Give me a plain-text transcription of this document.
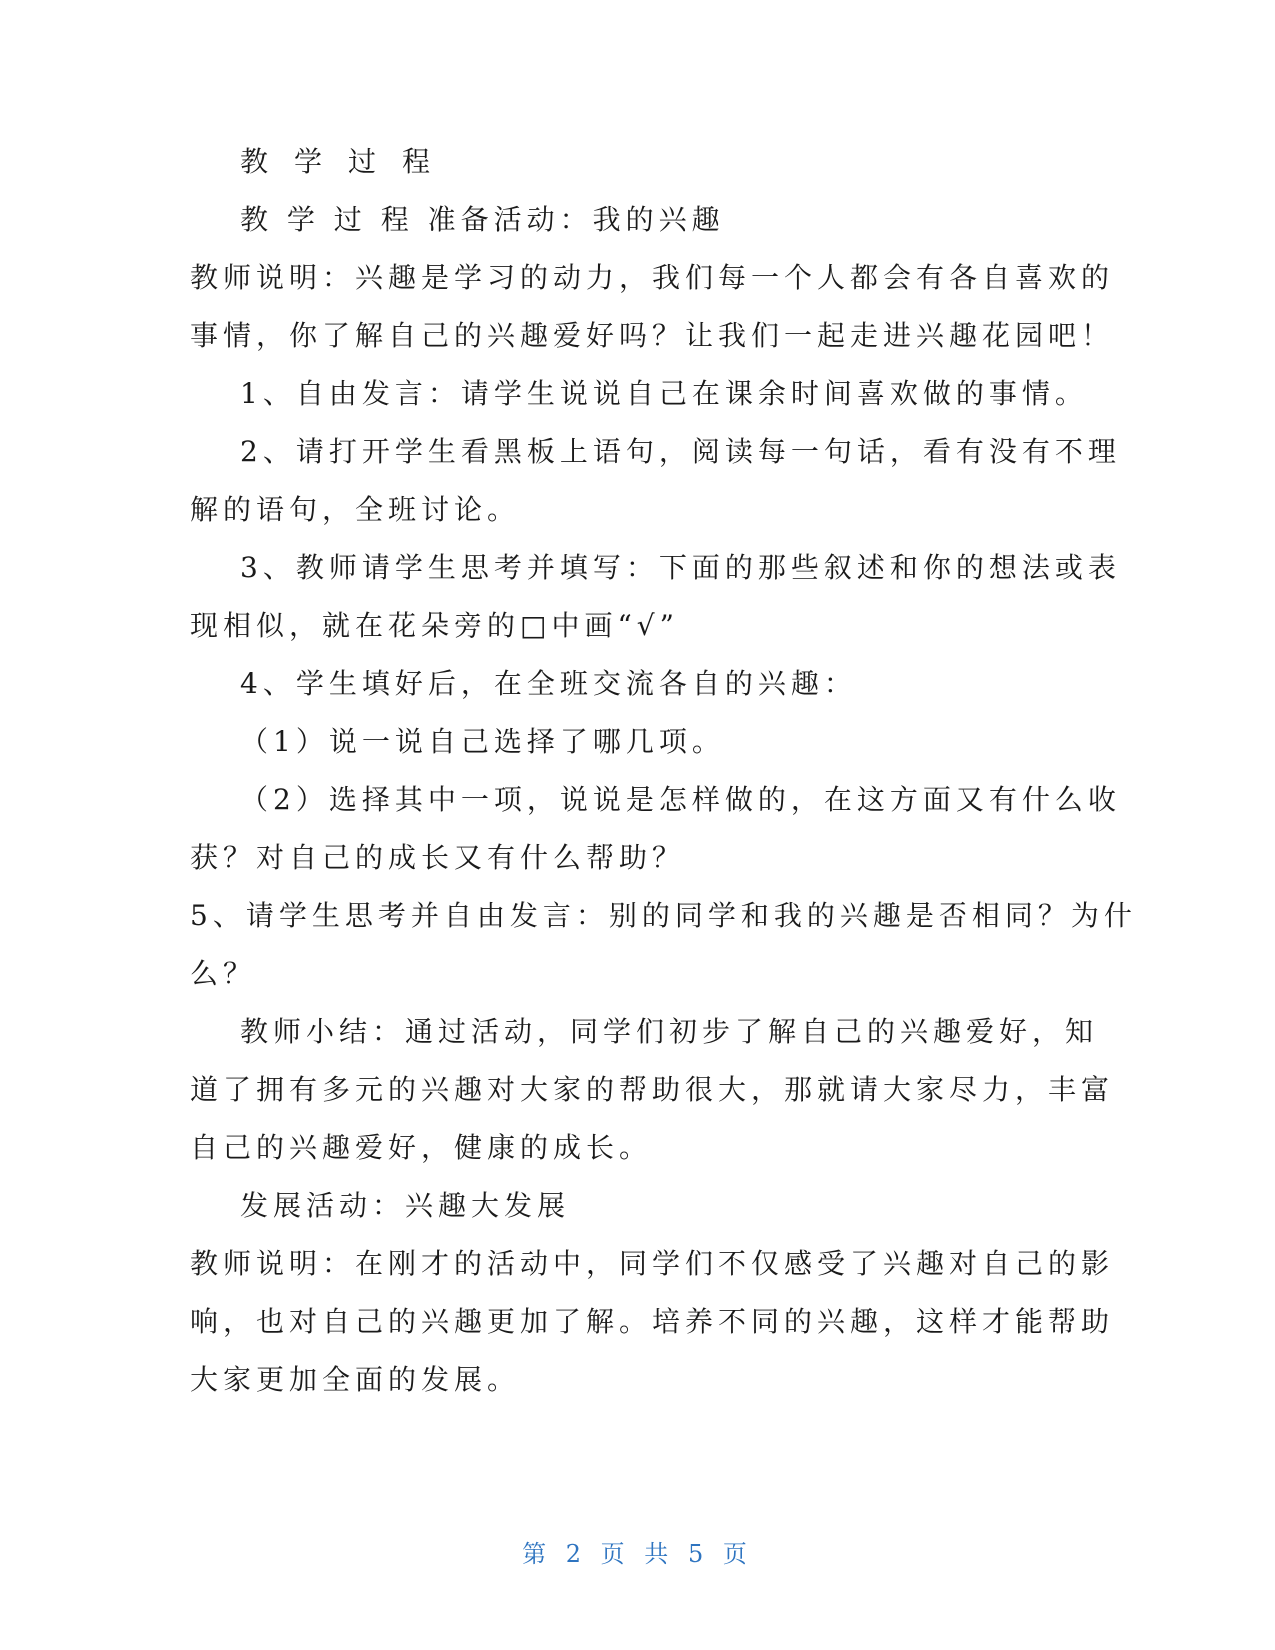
教学过程
教 学 过 程 准备活动：我的兴趣
教师说明：兴趣是学习的动力，我们每一个人都会有各自喜欢的
事情，你了解自己的兴趣爱好吗？让我们一起走进兴趣花园吧！
1、自由发言：请学生说说自己在课余时间喜欢做的事情。
2、请打开学生看黑板上语句，阅读每一句话，看有没有不理
解的语句，全班讨论。
3、教师请学生思考并填写：下面的那些叙述和你的想法或表
现相似，就在花朵旁的□中画“√”
4、学生填好后，在全班交流各自的兴趣：
（1）说一说自己选择了哪几项。
（2）选择其中一项，说说是怎样做的，在这方面又有什么收
获？对自己的成长又有什么帮助？
5、请学生思考并自由发言：别的同学和我的兴趣是否相同？为什
么？
教师小结：通过活动，同学们初步了解自己的兴趣爱好，知
道了拥有多元的兴趣对大家的帮助很大，那就请大家尽力，丰富
自己的兴趣爱好，健康的成长。
发展活动：兴趣大发展
教师说明：在刚才的活动中，同学们不仅感受了兴趣对自己的影
响，也对自己的兴趣更加了解。培养不同的兴趣，这样才能帮助
大家更加全面的发展。
第 2 页 共 5 页
